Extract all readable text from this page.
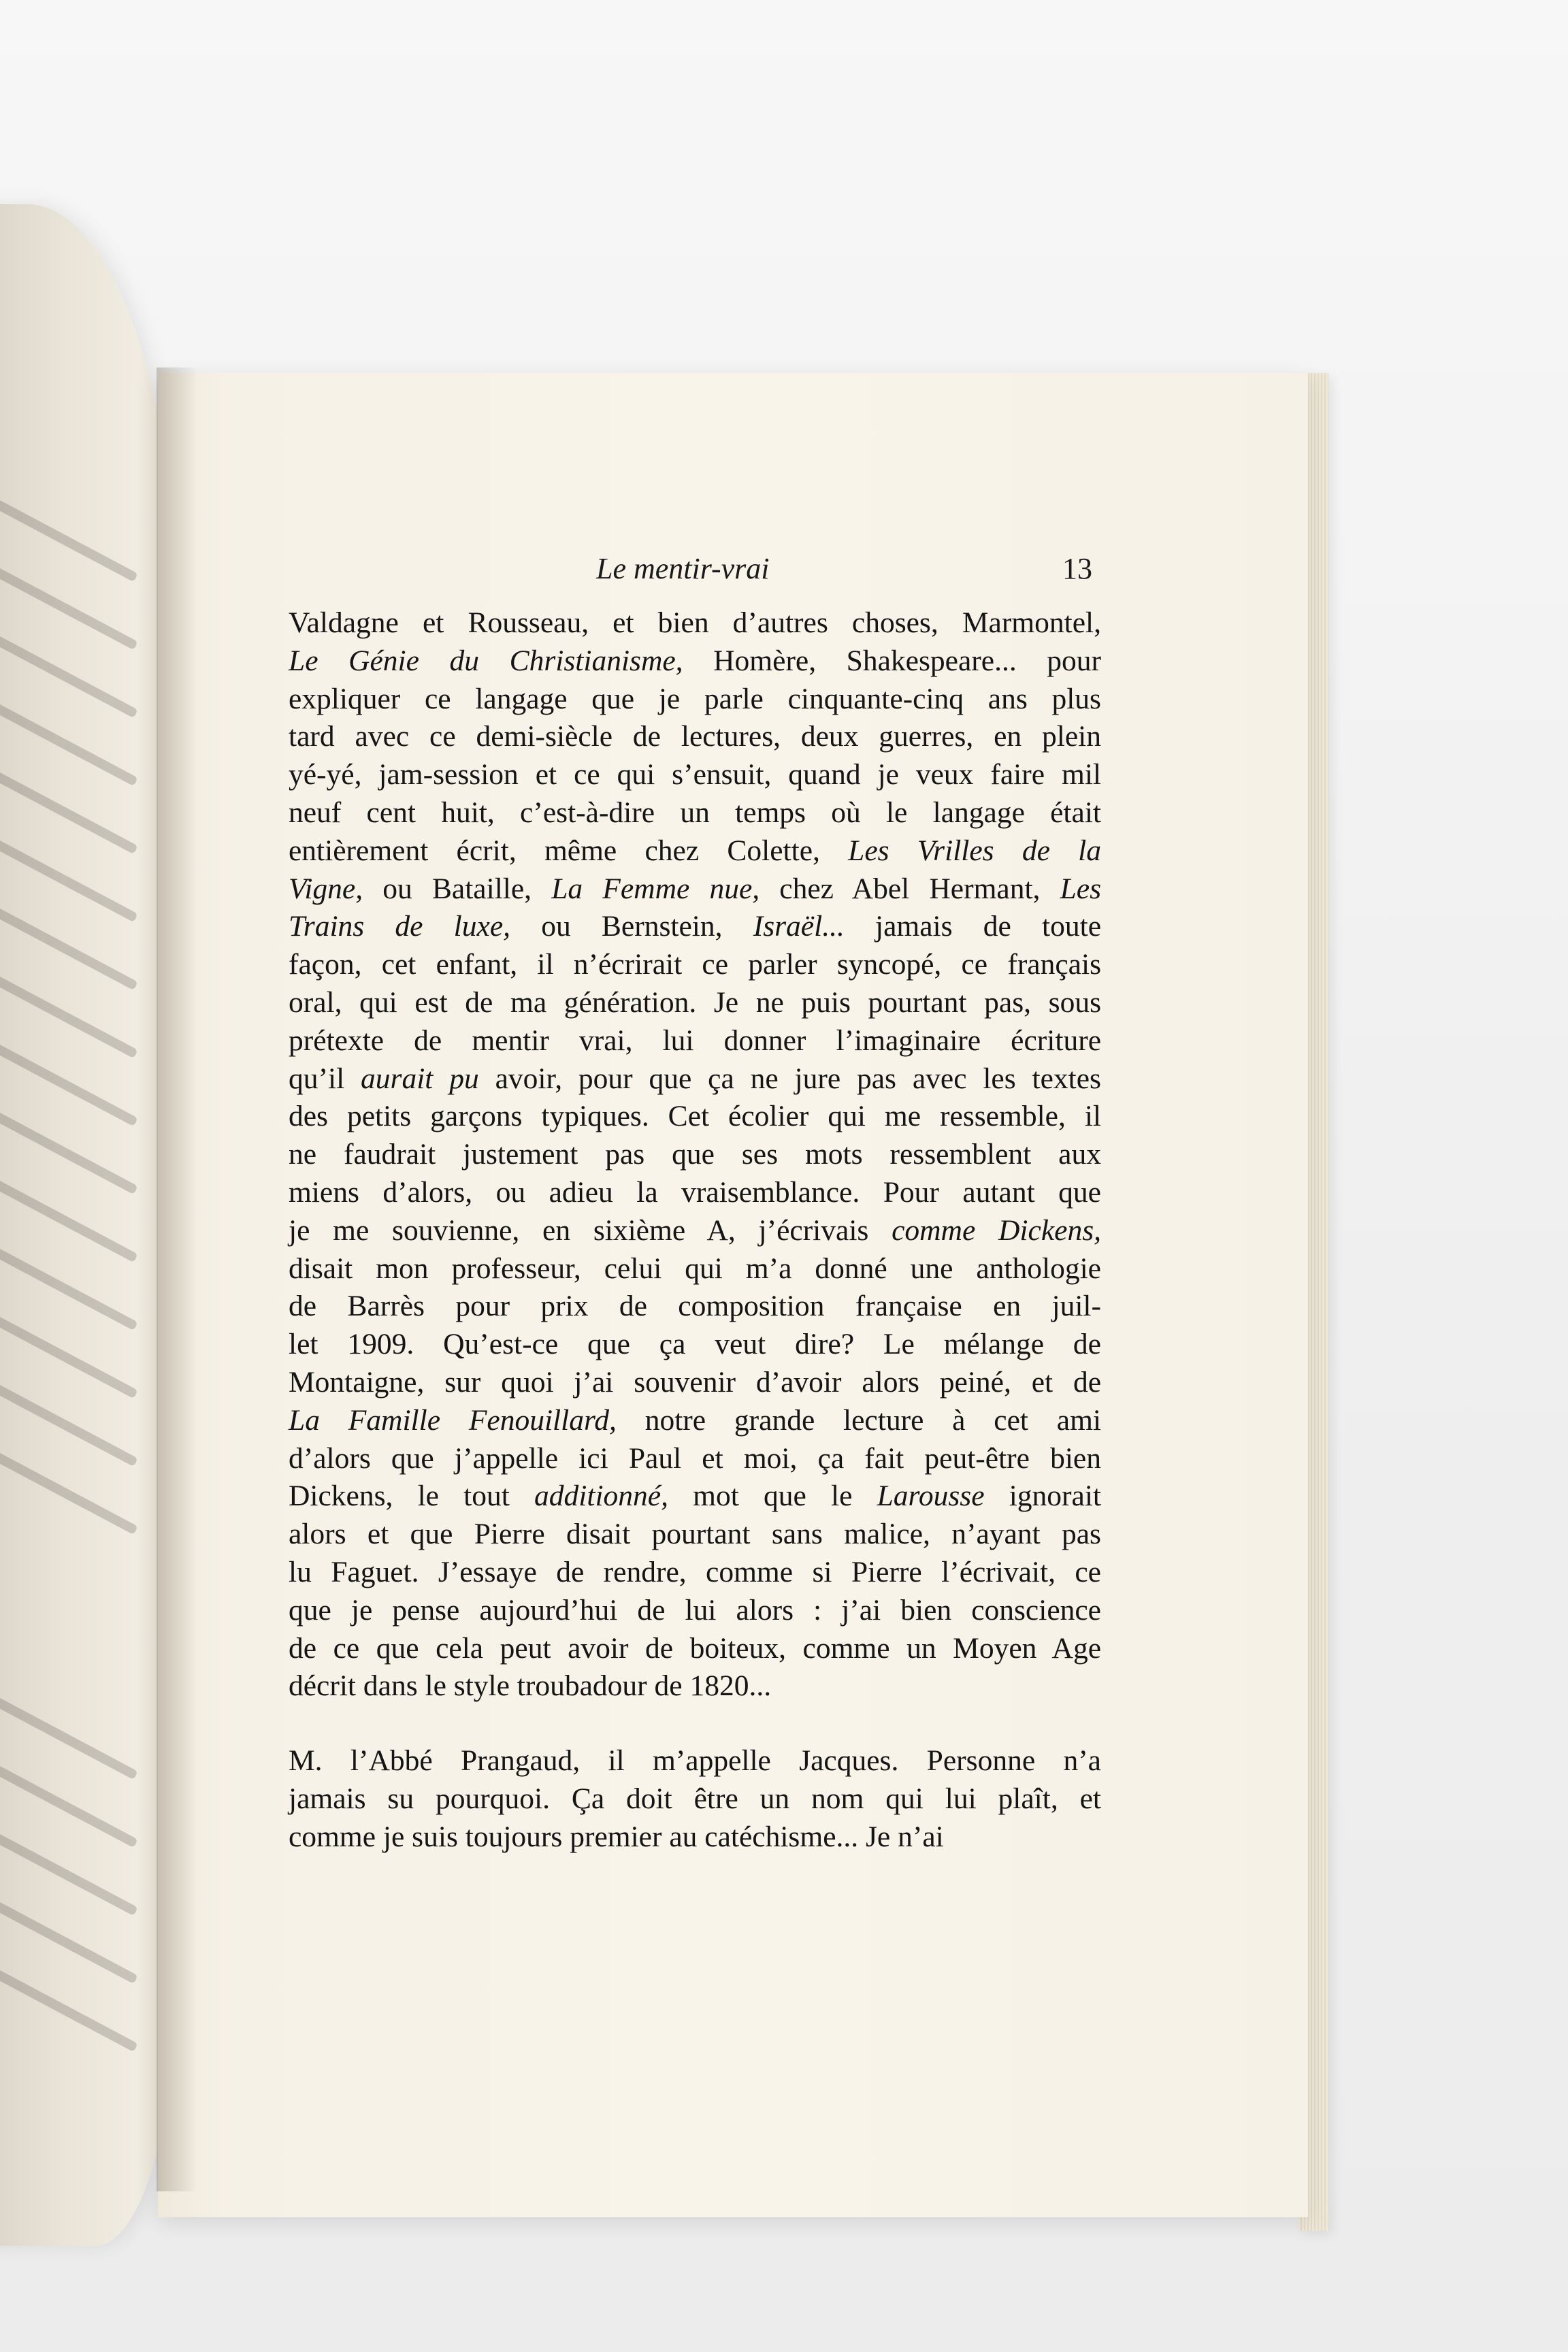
Le mentir-vrai	13
Valdagne et Rousseau, et bien d’autres choses, Marmontel,
Le Génie du Christianisme, Homère, Shakespeare... pour
expliquer ce langage que je parle cinquante-cinq ans plus
tard avec ce demi-siècle de lectures, deux guerres, en plein
yé-yé, jam-session et ce qui s’ensuit, quand je veux faire mil
neuf cent huit, c’est-à-dire un temps où le langage était
entièrement écrit, même chez Colette, Les Vrilles de la
Vigne, ou Bataille, La Femme nue, chez Abel Hermant, Les
Trains de luxe, ou Bernstein, Israël... jamais de toute
façon, cet enfant, il n’écrirait ce parler syncopé, ce français
oral, qui est de ma génération. Je ne puis pourtant pas, sous
prétexte de mentir vrai, lui donner l’imaginaire écriture
qu’il aurait pu avoir, pour que ça ne jure pas avec les textes
des petits garçons typiques. Cet écolier qui me ressemble, il
ne faudrait justement pas que ses mots ressemblent aux
miens d’alors, ou adieu la vraisemblance. Pour autant que
je me souvienne, en sixième A, j’écrivais comme Dickens,
disait mon professeur, celui qui m’a donné une anthologie
de Barrès pour prix de composition française en juil-
let 1909. Qu’est-ce que ça veut dire? Le mélange de
Montaigne, sur quoi j’ai souvenir d’avoir alors peiné, et de
La Famille Fenouillard, notre grande lecture à cet ami
d’alors que j’appelle ici Paul et moi, ça fait peut-être bien
Dickens, le tout additionné, mot que le Larousse ignorait
alors et que Pierre disait pourtant sans malice, n’ayant pas
lu Faguet. J’essaye de rendre, comme si Pierre l’écrivait, ce
que je pense aujourd’hui de lui alors : j’ai bien conscience
de ce que cela peut avoir de boiteux, comme un Moyen Age
décrit dans le style troubadour de 1820...
M. l’Abbé Prangaud, il m’appelle Jacques. Personne n’a
jamais su pourquoi. Ça doit être un nom qui lui plaît, et
comme je suis toujours premier au catéchisme... Je n’ai
